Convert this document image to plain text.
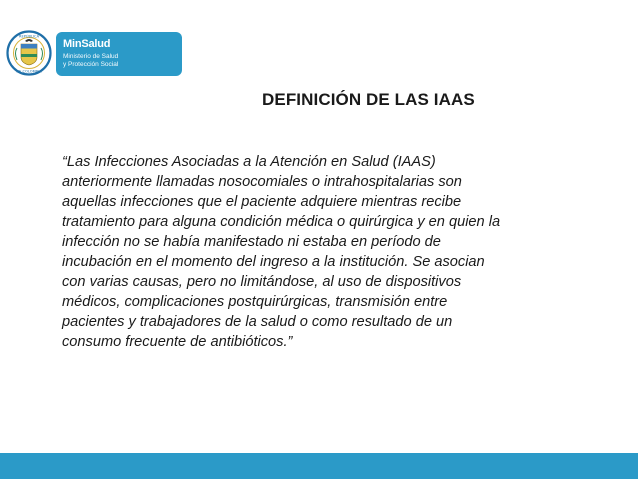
REPÚBLICA
DE COLOMBIA
MinSalud
Ministerio de Salud
y Protección Social
DEFINICIÓN DE LAS IAAS

“Las Infecciones Asociadas a la Atención en Salud (IAAS)
anteriormente llamadas nosocomiales o intrahospitalarias son
aquellas infecciones que el paciente adquiere mientras recibe
tratamiento para alguna condición médica o quirúrgica y en quien la
infección no se había manifestado ni estaba en período de
incubación en el momento del ingreso a la institución. Se asocian
con varias causas, pero no limitándose, al uso de dispositivos
médicos, complicaciones postquirúrgicas, transmisión entre
pacientes y trabajadores de la salud o como resultado de un
consumo frecuente de antibióticos.”
